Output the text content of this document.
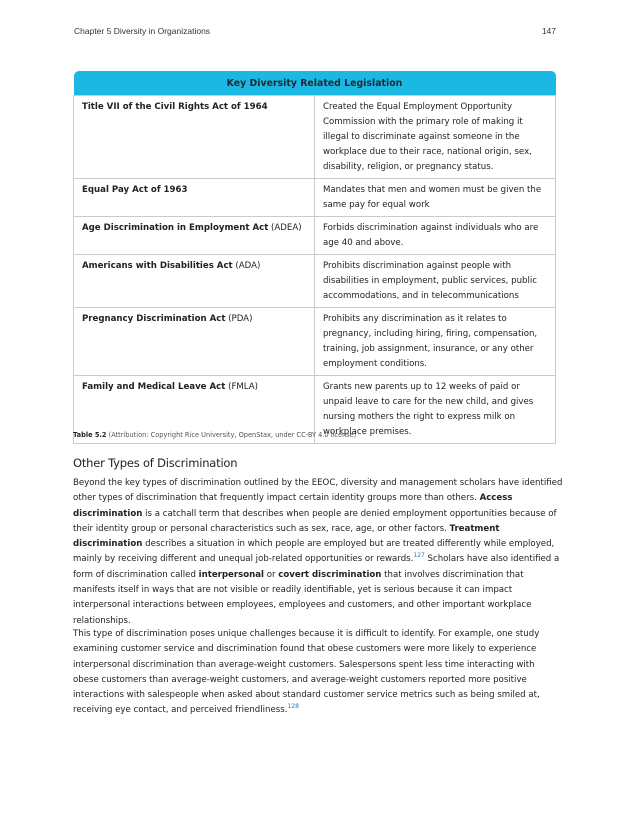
Chapter 5 Diversity in Organizations	147
Key Diversity Related Legislation	
Title VII of the Civil Rights Act of 1964	Created the Equal Employment Opportunity Commission with the primary role of making it illegal to discriminate against someone in the workplace due to their race, national origin, sex, disability, religion, or pregnancy status.
Equal Pay Act of 1963	Mandates that men and women must be given the same pay for equal work
Age Discrimination in Employment Act (ADEA)	Forbids discrimination against individuals who are age 40 and above.
Americans with Disabilities Act (ADA)	Prohibits discrimination against people with disabilities in employment, public services, public accommodations, and in telecommunications
Pregnancy Discrimination Act (PDA)	Prohibits any discrimination as it relates to pregnancy, including hiring, firing, compensation, training, job assignment, insurance, or any other employment conditions.
Family and Medical Leave Act (FMLA)	Grants new parents up to 12 weeks of paid or unpaid leave to care for the new child, and gives nursing mothers the right to express milk on workplace premises.
Table 5.2 (Attribution: Copyright Rice University, OpenStax, under CC-BY 4.0 license)
Other Types of Discrimination
Beyond the key types of discrimination outlined by the EEOC, diversity and management scholars have identified other types of discrimination that frequently impact certain identity groups more than others. Access discrimination is a catchall term that describes when people are denied employment opportunities because of their identity group or personal characteristics such as sex, race, age, or other factors. Treatment discrimination describes a situation in which people are employed but are treated differently while employed, mainly by receiving different and unequal job-related opportunities or rewards.$^{127}$ Scholars have also identified a form of discrimination called interpersonal or covert discrimination that involves discrimination that manifests itself in ways that are not visible or readily identifiable, yet is serious because it can impact interpersonal interactions between employees, employees and customers, and other important workplace relationships.
This type of discrimination poses unique challenges because it is difficult to identify. For example, one study examining customer service and discrimination found that obese customers were more likely to experience interpersonal discrimination than average-weight customers. Salespersons spent less time interacting with obese customers than average-weight customers, and average-weight customers reported more positive interactions with salespeople when asked about standard customer service metrics such as being smiled at, receiving eye contact, and perceived friendliness.$^{128}$
